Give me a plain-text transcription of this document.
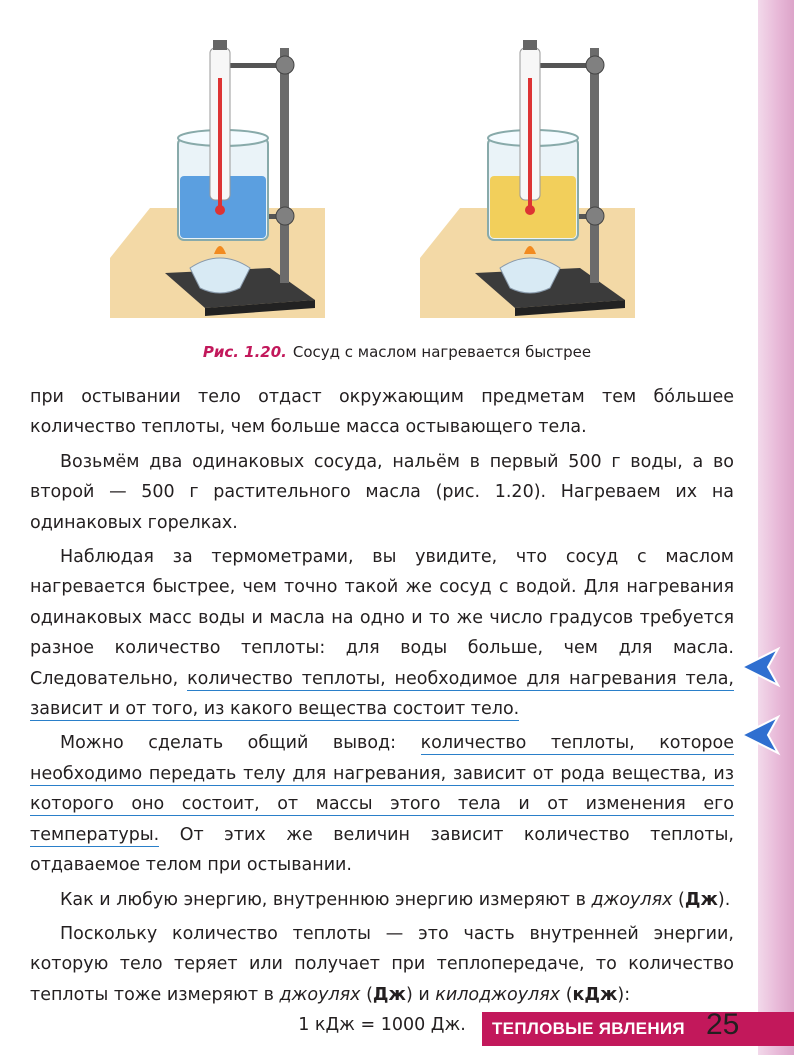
Рис. 1.20. Сосуд с маслом нагревается быстрее

при остывании тело отдаст окружающим предметам тем бо́льшее количество теплоты, чем больше масса остывающего тела.

Возьмём два одинаковых сосуда, нальём в первый 500 г воды, а во второй — 500 г растительного масла (рис. 1.20). Нагреваем их на одинаковых горелках.

Наблюдая за термометрами, вы увидите, что сосуд с маслом нагревается быстрее, чем точно такой же сосуд с водой. Для нагревания одинаковых масс воды и масла на одно и то же число градусов требуется разное количество теплоты: для воды больше, чем для масла. Следовательно, количество теплоты, необходимое для нагревания тела, зависит и от того, из какого вещества состоит тело.

Можно сделать общий вывод: количество теплоты, которое необходимо передать телу для нагревания, зависит от рода вещества, из которого оно состоит, от массы этого тела и от изменения его температуры. От этих же величин зависит количество теплоты, отдаваемое телом при остывании.

Как и любую энергию, внутреннюю энергию измеряют в джоулях (Дж).

Поскольку количество теплоты — это часть внутренней энергии, которую тело теряет или получает при теплопередаче, то количество теплоты тоже измеряют в джоулях (Дж) и килоджоулях (кДж):

1 кДж = 1000 Дж.	ТЕПЛОВЫЕ ЯВЛЕНИЯ 25
